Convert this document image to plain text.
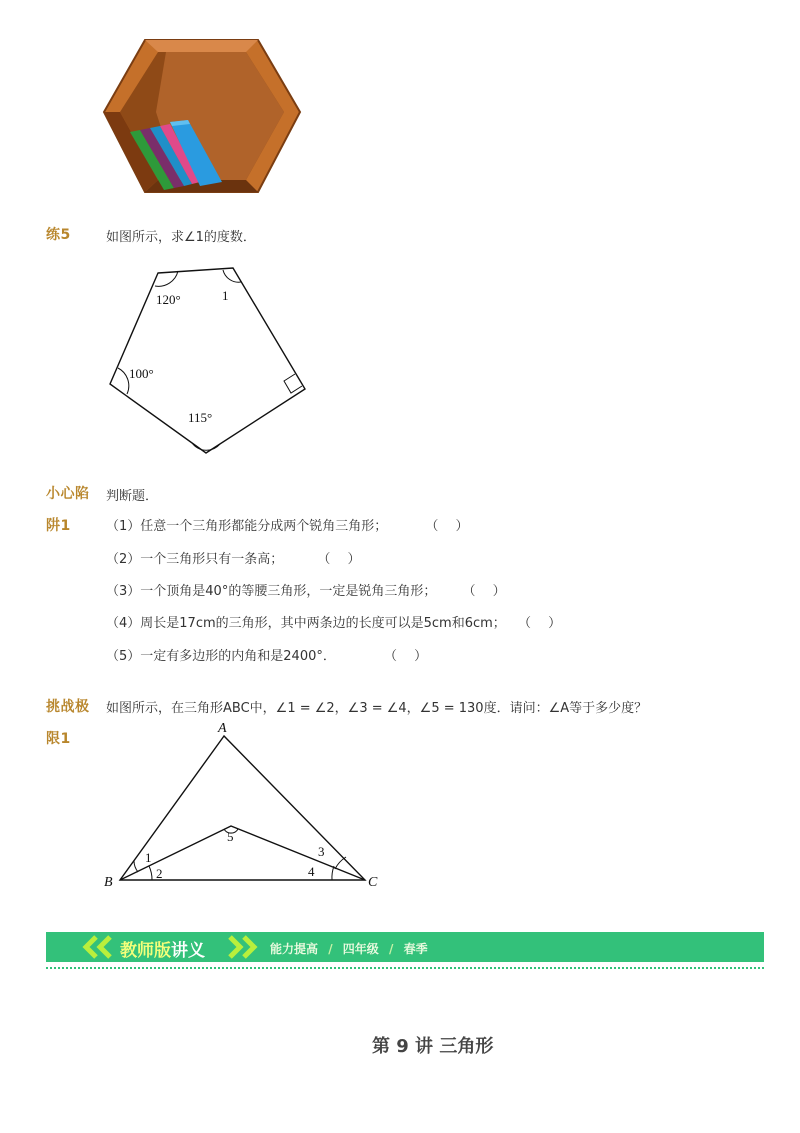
练5	如图所示，求∠1的度数．
120°	1
100°
115°
小心陷
阱1
判断题．
（1）任意一个三角形都能分成两个锐角三角形；	（　 ）
（2）一个三角形只有一条高；	（　 ）
（3）一个顶角是40°的等腰三角形，一定是锐角三角形； （　 ）
（4）周长是17cm的三角形，其中两条边的长度可以是5cm和6cm； （　 ）
（5）一定有多边形的内角和是2400°．	（　 ）
挑战极
限1
如图所示，在三角形ABC中，∠1 = ∠2，∠3 = ∠4，∠5 = 130度．请问：∠A等于多少度？
A
B	C
1
2
3
4
5
教师版讲义	能力提高 / 四年级 / 春季
第 9 讲 三角形
